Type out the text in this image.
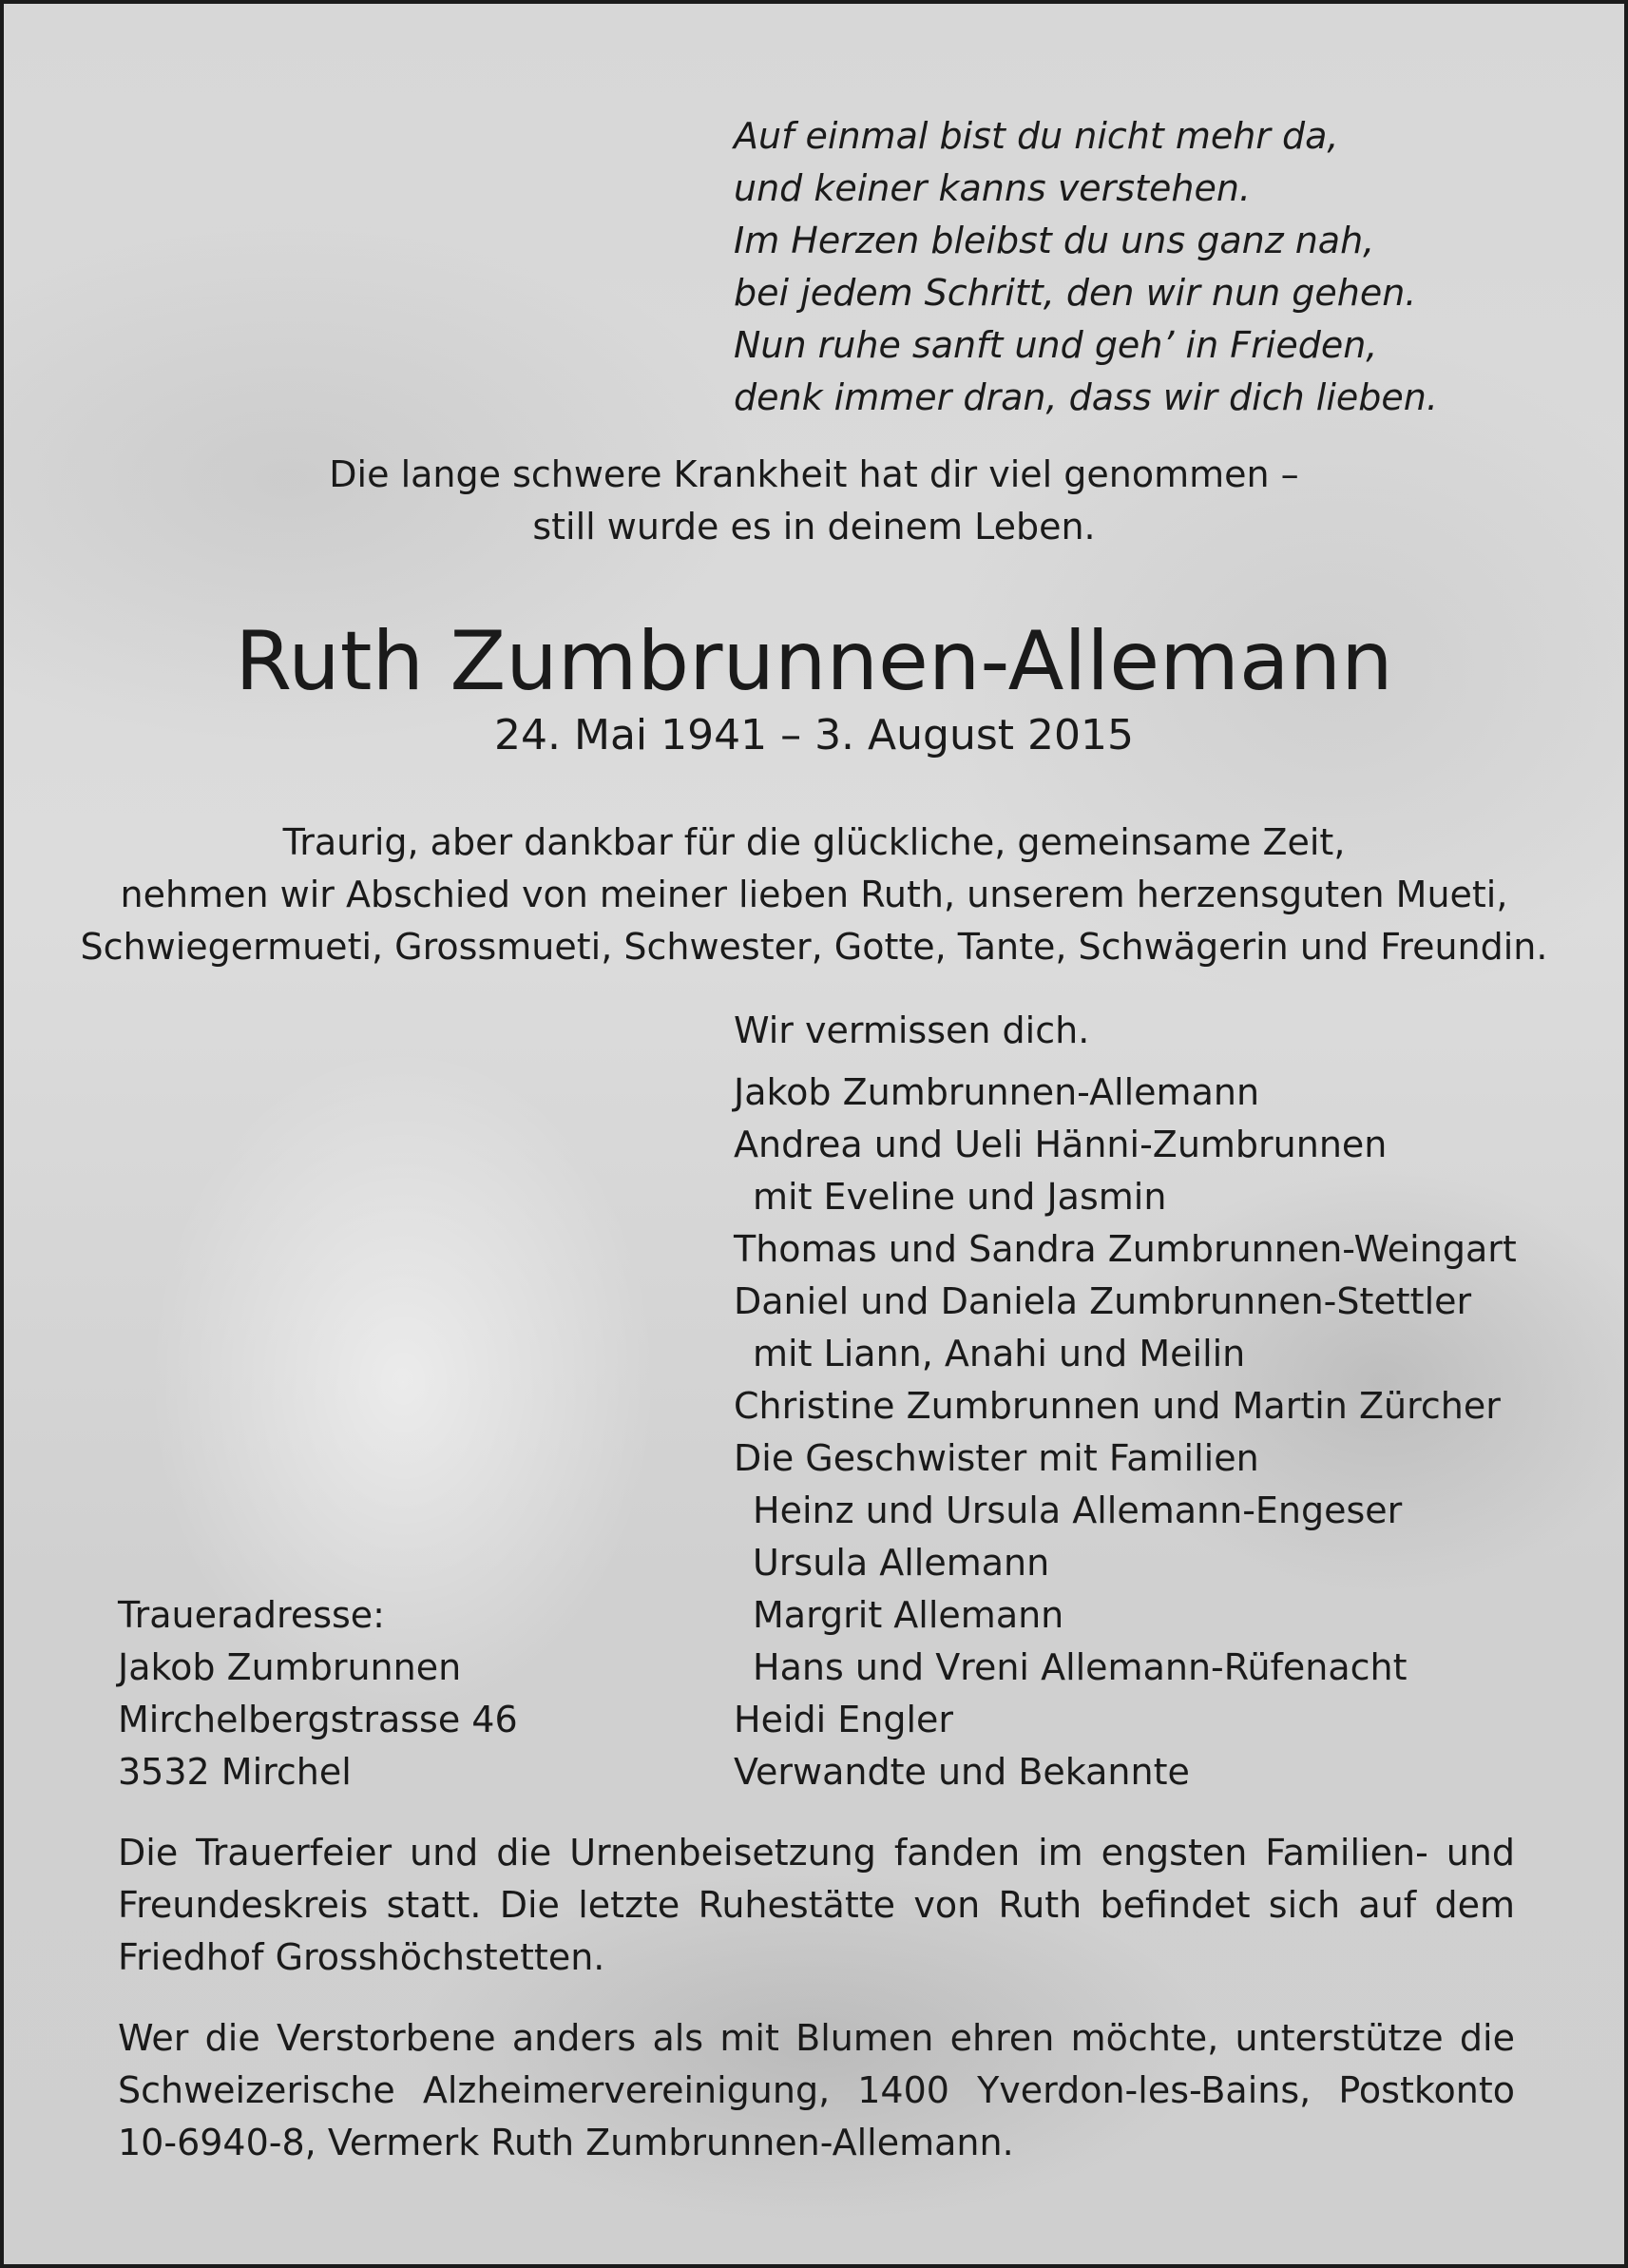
Auf einmal bist du nicht mehr da,
und keiner kanns verstehen.
Im Herzen bleibst du uns ganz nah,
bei jedem Schritt, den wir nun gehen.
Nun ruhe sanft und geh’ in Frieden,
denk immer dran, dass wir dich lieben.
Die lange schwere Krankheit hat dir viel genommen –
still wurde es in deinem Leben.
Ruth Zumbrunnen-Allemann
24. Mai 1941 – 3. August 2015
Traurig, aber dankbar für die glückliche, gemeinsame Zeit,
nehmen wir Abschied von meiner lieben Ruth, unserem herzensguten Mueti,
Schwiegermueti, Grossmueti, Schwester, Gotte, Tante, Schwägerin und Freundin.
Wir vermissen dich.
Jakob Zumbrunnen-Allemann
Andrea und Ueli Hänni-Zumbrunnen
mit Eveline und Jasmin
Thomas und Sandra Zumbrunnen-Weingart
Daniel und Daniela Zumbrunnen-Stettler
mit Liann, Anahi und Meilin
Christine Zumbrunnen und Martin Zürcher
Die Geschwister mit Familien
Heinz und Ursula Allemann-Engeser
Ursula Allemann
Margrit Allemann
Hans und Vreni Allemann-Rüfenacht
Heidi Engler
Verwandte und Bekannte
Traueradresse:
Jakob Zumbrunnen
Mirchelbergstrasse 46
3532 Mirchel
Die Trauerfeier und die Urnenbeisetzung fanden im engsten Familien- und Freundeskreis statt. Die letzte Ruhestätte von Ruth befindet sich auf dem Friedhof Grosshöchstetten.
Wer die Verstorbene anders als mit Blumen ehren möchte, unterstütze die Schweizerische Alzheimervereinigung, 1400 Yverdon-les-Bains, Postkonto 10-6940-8, Vermerk Ruth Zumbrunnen-Allemann.
